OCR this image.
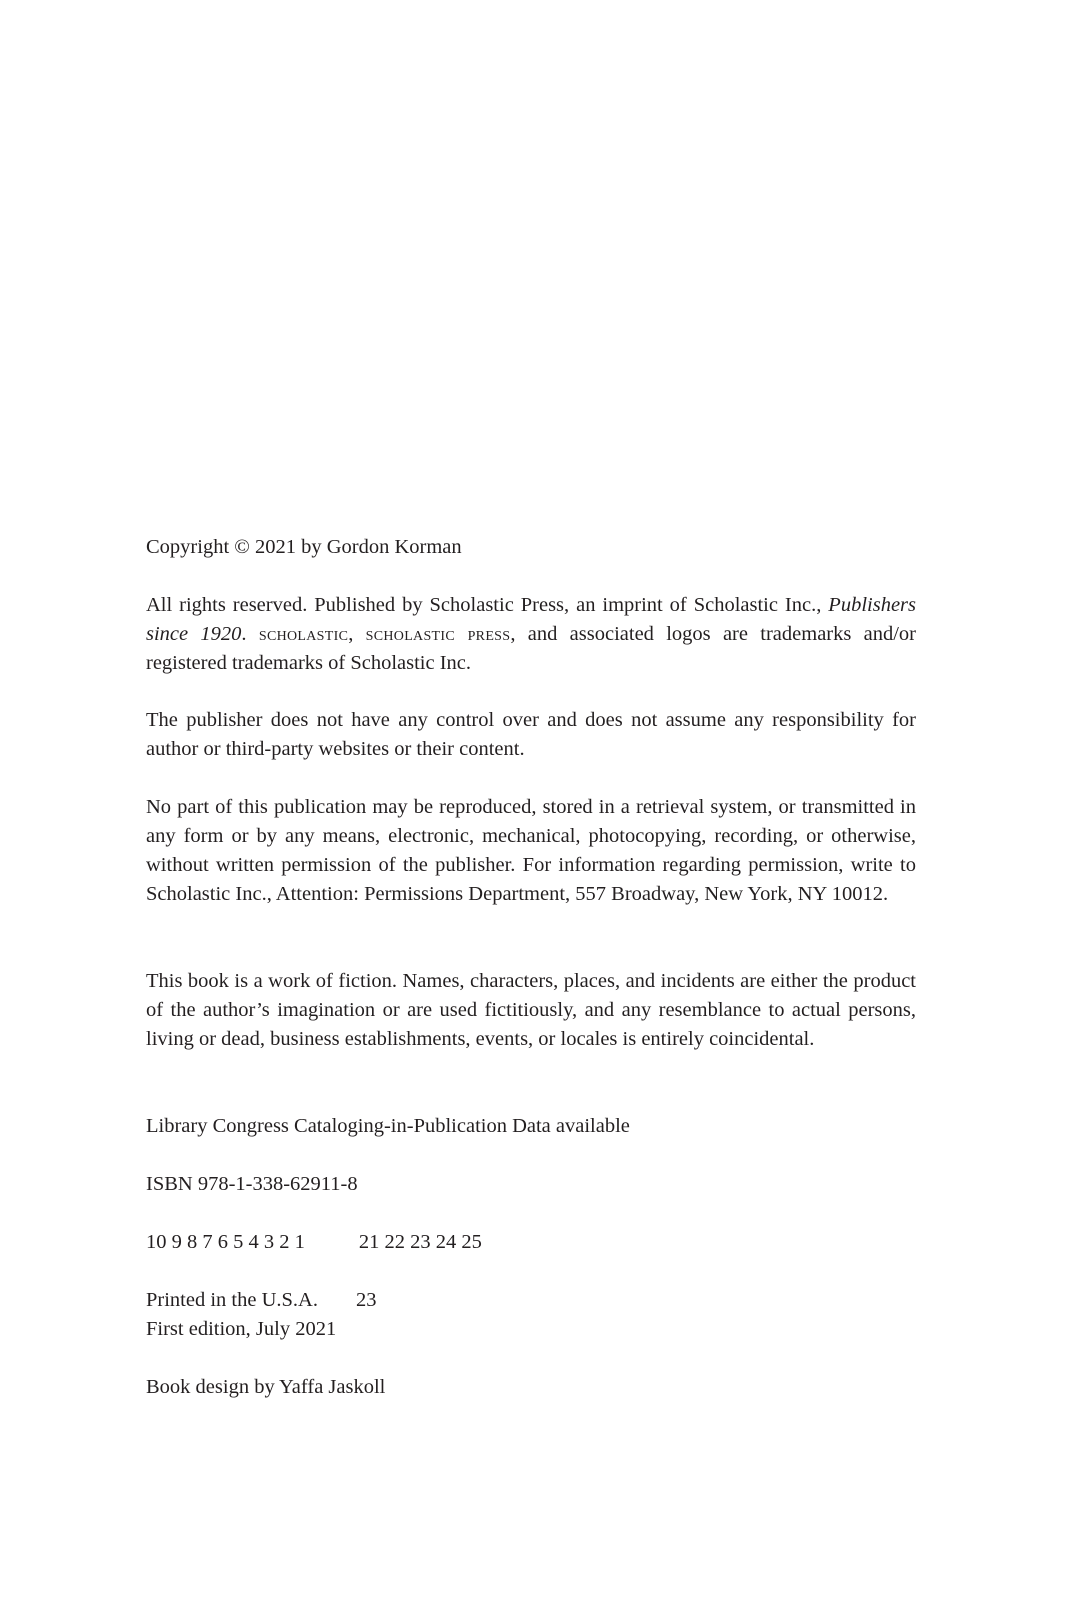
Copyright © 2021 by Gordon Korman

All rights reserved. Published by Scholastic Press, an imprint of Scholastic Inc., Publishers since 1920. scholastic, scholastic press, and associated logos are trademarks and/or registered trademarks of Scholastic Inc.

The publisher does not have any control over and does not assume any responsibility for author or third-party websites or their content.

No part of this publication may be reproduced, stored in a retrieval system, or transmitted in any form or by any means, electronic, mechanical, photocopying, recording, or otherwise, without written permission of the publisher. For information regarding permission, write to Scholastic Inc., Attention: Permissions Department, 557 Broadway, New York, NY 10012.

This book is a work of fiction. Names, characters, places, and incidents are either the product of the author’s imagination or are used fictitiously, and any resemblance to actual persons, living or dead, business establishments, events, or locales is entirely coincidental.

Library Congress Cataloging-in-Publication Data available

ISBN 978-1-338-62911-8

10 9 8 7 6 5 4 3 2 1	21 22 23 24 25

Printed in the U.S.A. 23
First edition, July 2021

Book design by Yaffa Jaskoll
